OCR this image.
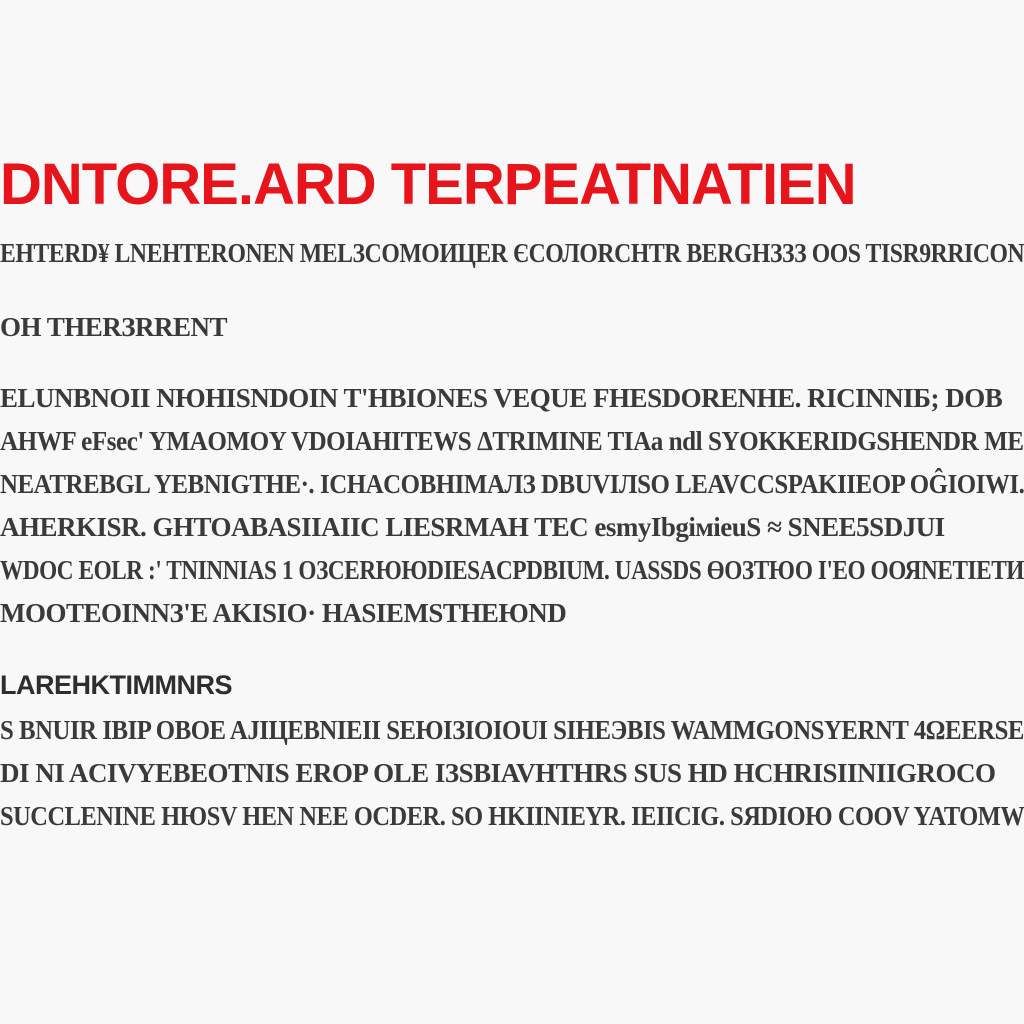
DNTORE.ARD TERPEATNATIEN

ЕНТЕRD¥ LNEHTERONEN MELЗСОМОИЦЕR ЄСОЛОRСНТR BERGHЗЗЗ OOS TISR9RRICON

OH THERЗRRENT

ELUNBNOII NЮHISNDOIN T'HBIONES VEQUE FHESDORENHE. RICINNIБ; DOB

AHWF eFsec' YMAOMOY VDOIAHITEWS ΔTRIMINE TIAa ndl SYOKKERIDGSHENDR ME

NEATREBGL YEBNIGTHE·. ICHACOBHIMAЛЗ DBUVIЛSO LEAVCCSPAKIIEOP OĜIOIWI.

AHERKISR. GHTOABASIIAIIC LIESRMAH TEC esmyIbgiмieuS ≈ SNEE5SDJUI

WDOC EOLR :' TNINNIAS 1 OЗСЕRЮЮDIESACPDBIUM. UASSDS ӨОЗТЮО I'EO ООЯNETIEТИ

MOOTEOINNЗ'E AKISIO· HASIEMSTHEЮND

LAREHKTIMMNRS

S BNUIR IBIP OBOE AJIЦEBNIEII SEЮIЗIOIOUI SIHEЭBIS WAMMGONSYERNT 4ΩEERSE

DI NI ACIVYEBEOTNIS EROP OLE IЗSBIAVHTHRS SUS HD HCHRISIINIIGROCO

SUCCLENINE HЮSV HEN NEE OCDER. SO HKIINIEYR. IEIICIG. SЯDIOЮ COOV YATOMW
